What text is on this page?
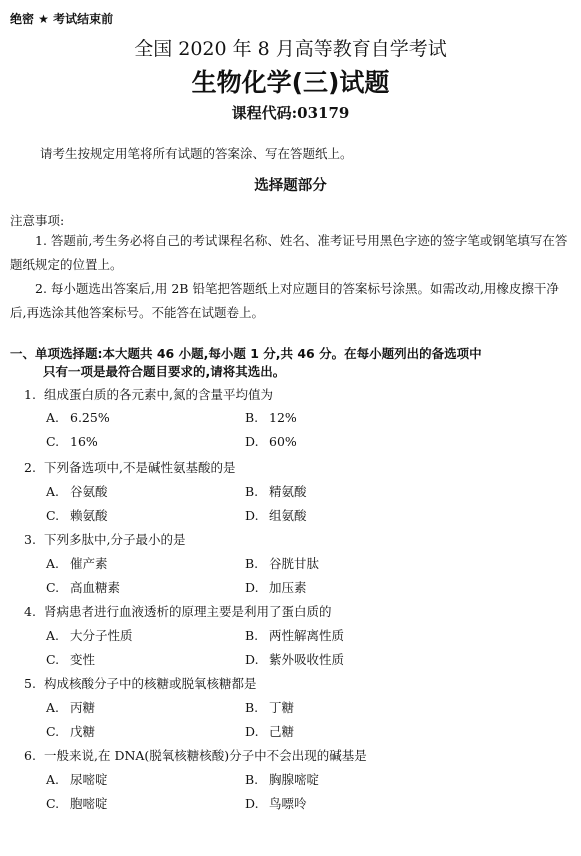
绝密 ★ 考试结束前
全国 2020 年 8 月高等教育自学考试
生物化学(三)试题
课程代码:03179
请考生按规定用笔将所有试题的答案涂、写在答题纸上。
选择题部分
注意事项:
1. 答题前,考生务必将自己的考试课程名称、姓名、准考证号用黑色字迹的签字笔或钢笔填写在答题纸规定的位置上。
2. 每小题选出答案后,用 2B 铅笔把答题纸上对应题目的答案标号涂黑。如需改动,用橡皮擦干净后,再选涂其他答案标号。不能答在试题卷上。
一、单项选择题:本大题共 46 小题,每小题 1 分,共 46 分。在每小题列出的备选项中
只有一项是最符合题目要求的,请将其选出。
1. 组成蛋白质的各元素中,氮的含量平均值为
A. 6.25%	B. 12%
C. 16%	D. 60%
2. 下列备选项中,不是碱性氨基酸的是
A. 谷氨酸	B. 精氨酸
C. 赖氨酸	D. 组氨酸
3. 下列多肽中,分子最小的是
A. 催产素	B. 谷胱甘肽
C. 高血糖素	D. 加压素
4. 肾病患者进行血液透析的原理主要是利用了蛋白质的
A. 大分子性质	B. 两性解离性质
C. 变性	D. 紫外吸收性质
5. 构成核酸分子中的核糖或脱氧核糖都是
A. 丙糖	B. 丁糖
C. 戊糖	D. 己糖
6. 一般来说,在 DNA(脱氧核糖核酸)分子中不会出现的碱基是
A. 尿嘧啶	B. 胸腺嘧啶
C. 胞嘧啶	D. 鸟嘌呤
